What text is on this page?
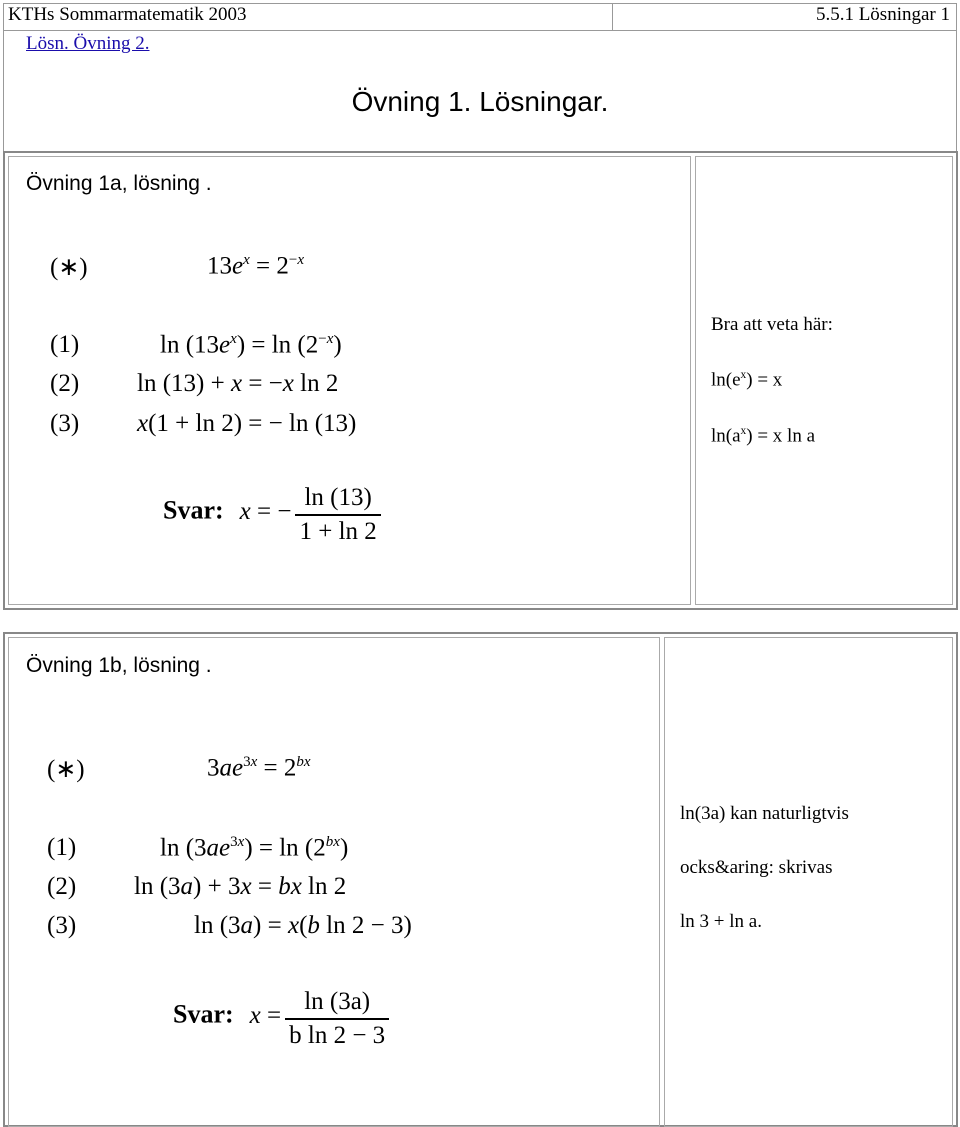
KTHs Sommarmatematik 2003	5.5.1 Lösningar 1
Lösn. Övning 2.
Övning 1. Lösningar.
Övning 1a, lösning .
(∗)	$13e^x = 2^{-x}$
(1)	$\ln (13e^x) = \ln (2^{-x})$
(2) ln (13) + x = −x ln 2
(3) x(1 + ln 2) = − ln (13)
Svar: x = − $\frac{\ln (13)}{1 + \ln 2}$
Bra att veta här:
$\ln(e^x) = x$
$\ln(a^x) = x$ ln a
Övning 1b, lösning .
(∗)	$3ae^{3x} = 2^{bx}$
(1)	$\ln (3ae^{3x}) = \ln (2^{bx})$
(2) ln (3a) + 3x = bx ln 2
(3)	ln (3a) = x(b ln 2 − 3)
Svar: $x = \frac{\ln (3a)}{\text{b ln 2 − 3}}$
ln(3a) kan naturligtvis
ocks&aring: skrivas
ln 3 + ln a.
